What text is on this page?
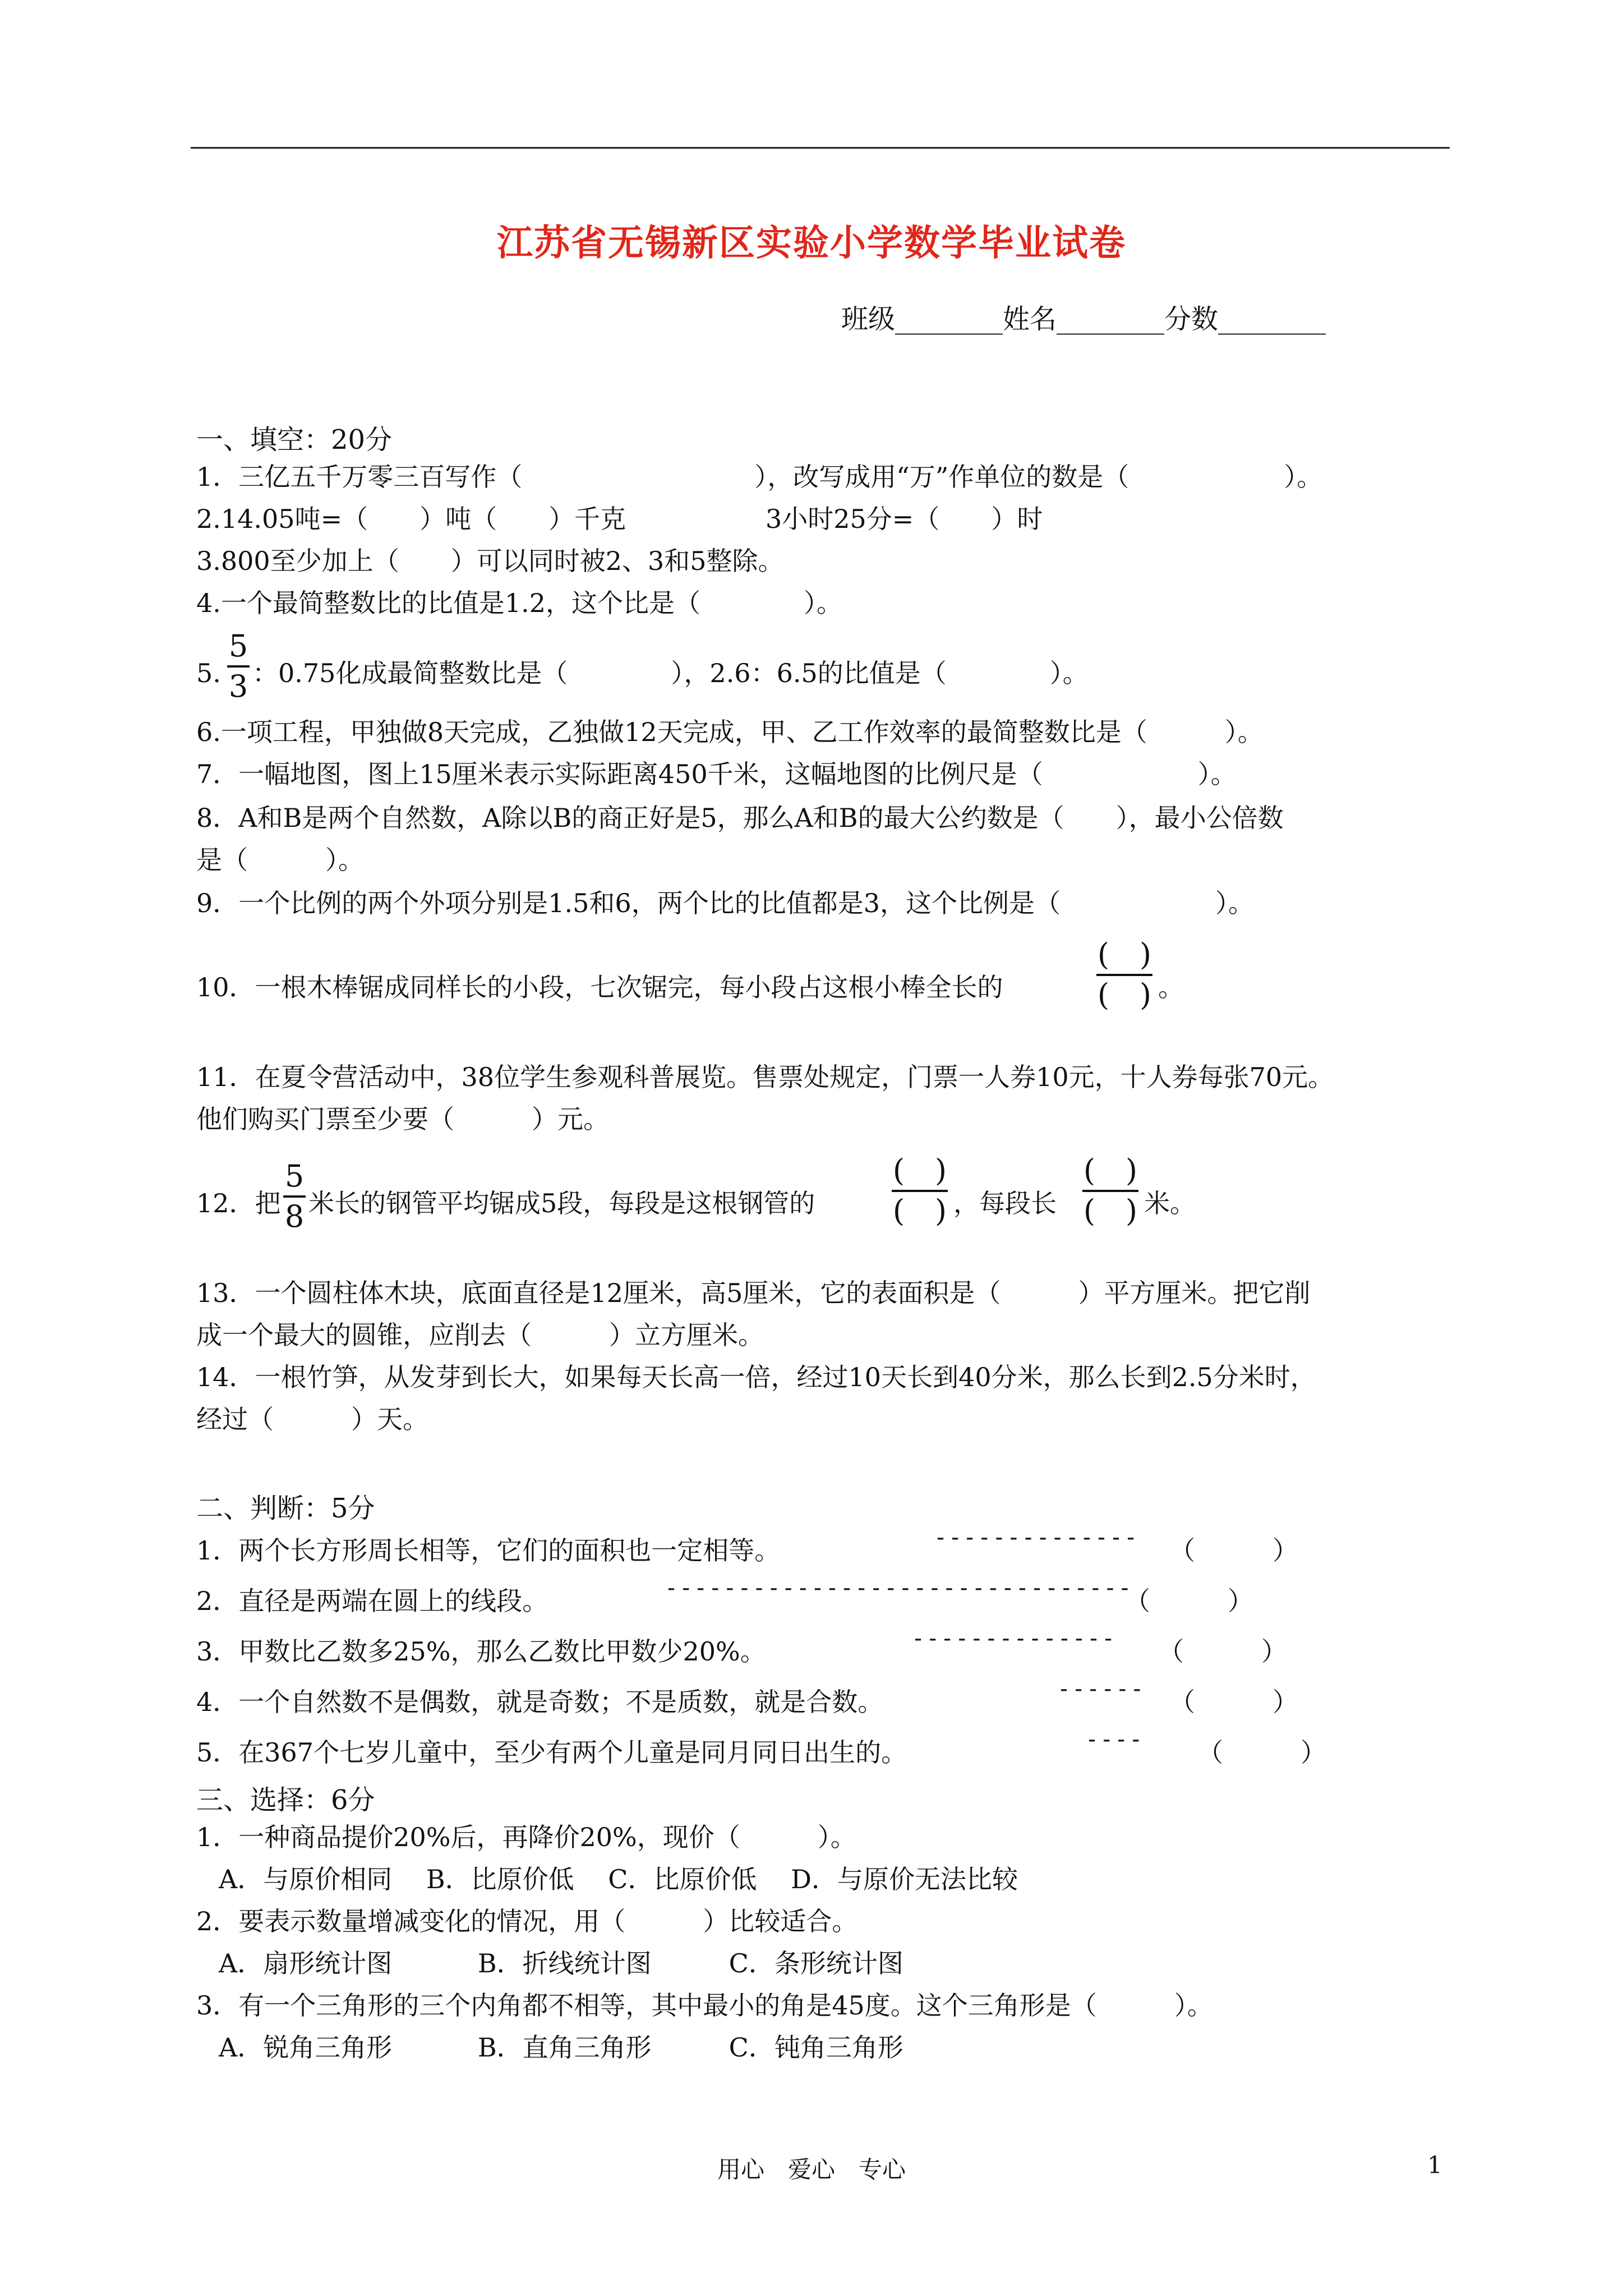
江苏省无锡新区实验小学数学毕业试卷
班级________姓名________分数________
一、填空：20分
1．三亿五千万零三百写作（　　　　　　　　　），改写成用“万”作单位的数是（　　　　　　）。
2.14.05吨=（　　）吨（　　）千克	3小时25分=（　　）时
3.800至少加上（　　）可以同时被2、3和5整除。
4.一个最简整数比的比值是1.2，这个比是（　　　　）。
5.
5
3 ：0.75化成最简整数比是（　　　　），2.6：6.5的比值是（　　　　）。
6.一项工程，甲独做8天完成，乙独做12天完成，甲、乙工作效率的最简整数比是（　　　）。
7．一幅地图，图上15厘米表示实际距离450千米，这幅地图的比例尺是（　　　　　　）。
8．A和B是两个自然数，A除以B的商正好是5，那么A和B的最大公约数是（　　），最小公倍数
是（　　　）。
9．一个比例的两个外项分别是1.5和6，两个比的比值都是3，这个比例是（　　　　　　）。
10．一根木棒锯成同样长的小段，七次锯完，每小段占这根小棒全长的
(　)
(　) 。
11．在夏令营活动中，38位学生参观科普展览。售票处规定，门票一人券10元，十人券每张70元。
他们购买门票至少要（　　　）元。
12．把
5
8 米长的钢管平均锯成5段，每段是这根钢管的
(　)
(　) ，每段长
(　)
(　) 米。
13．一个圆柱体木块，底面直径是12厘米，高5厘米，它的表面积是（　　　）平方厘米。把它削
成一个最大的圆锥，应削去（　　　）立方厘米。
14．一根竹笋，从发芽到长大，如果每天长高一倍，经过10天长到40分米，那么长到2.5分米时，
经过（　　　）天。
二、判断：5分
1．两个长方形周长相等，它们的面积也一定相等。	-------------- （　　　）
2．直径是两端在圆上的线段。	--------------------------------
（　　　）
3．甲数比乙数多25%，那么乙数比甲数少20%。	-------------- （　　　）
4．一个自然数不是偶数，就是奇数；不是质数，就是合数。	------ （　　　）
5．在367个七岁儿童中，至少有两个儿童是同月同日出生的。	---- （　　　）
三、选择：6分
1．一种商品提价20%后，再降价20%，现价（　　　）。
A．与原价相同　 B．比原价低　 C．比原价低　 D．与原价无法比较
2．要表示数量增减变化的情况，用（　　　）比较适合。
A．扇形统计图　　　 B．折线统计图　　　C．条形统计图
3．有一个三角形的三个内角都不相等，其中最小的角是45度。这个三角形是（　　　）。
A．锐角三角形　　　 B．直角三角形　　　C．钝角三角形
用心　爱心　专心	1
